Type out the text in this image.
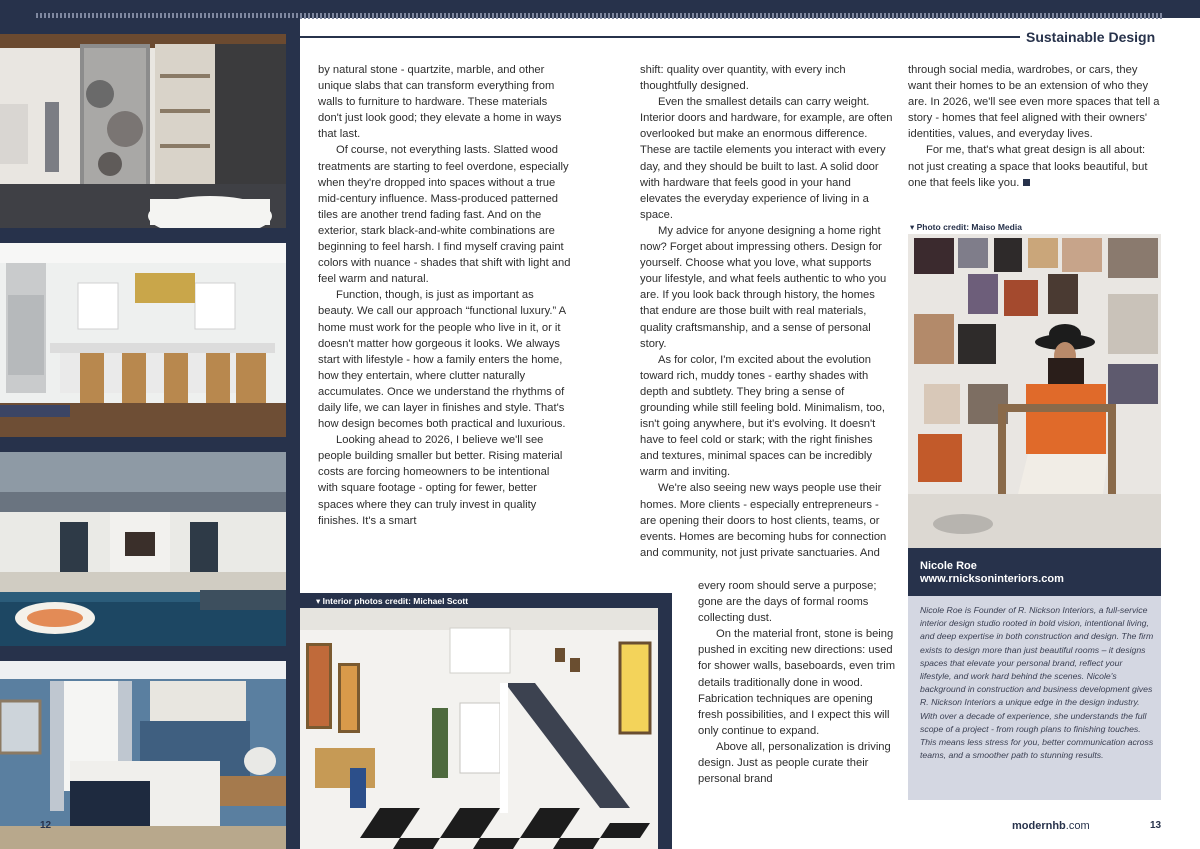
12
Sustainable Design

by natural stone - quartzite, marble, and other unique slabs that can transform everything from walls to furniture to hardware. These materials don't just look good; they elevate a home in ways that last.

Of course, not everything lasts. Slatted wood treatments are starting to feel overdone, especially when they're dropped into spaces without a true mid-century influence. Mass-produced patterned tiles are another trend fading fast. And on the exterior, stark black-and-white combinations are beginning to feel harsh. I find myself craving paint colors with nuance - shades that shift with light and feel warm and natural.

Function, though, is just as important as beauty. We call our approach “functional luxury.” A home must work for the people who live in it, or it doesn't matter how gorgeous it looks. We always start with lifestyle - how a family enters the home, how they entertain, where clutter naturally accumulates. Once we understand the rhythms of daily life, we can layer in finishes and style. That's how design becomes both practical and luxurious.

Looking ahead to 2026, I believe we'll see people building smaller but better. Rising material costs are forcing homeowners to be intentional with square footage - opting for fewer, better spaces where they can truly invest in quality finishes. It's a smart

shift: quality over quantity, with every inch thoughtfully designed.

Even the smallest details can carry weight. Interior doors and hardware, for example, are often overlooked but make an enormous difference. These are tactile elements you interact with every day, and they should be built to last. A solid door with hardware that feels good in your hand elevates the everyday experience of living in a space.

My advice for anyone designing a home right now? Forget about impressing others. Design for yourself. Choose what you love, what supports your lifestyle, and what feels authentic to who you are. If you look back through history, the homes that endure are those built with real materials, quality craftsmanship, and a sense of personal story.

As for color, I'm excited about the evolution toward rich, muddy tones - earthy shades with depth and subtlety. They bring a sense of grounding while still feeling bold. Minimalism, too, isn't going anywhere, but it's evolving. It doesn't have to feel cold or stark; with the right finishes and textures, minimal spaces can be incredibly warm and inviting.

We're also seeing new ways people use their homes. More clients - especially entrepreneurs - are opening their doors to host clients, teams, or events. Homes are becoming hubs for connection and community, not just private sanctuaries. And

every room should serve a purpose; gone are the days of formal rooms collecting dust.

On the material front, stone is being pushed in exciting new directions: used for shower walls, baseboards, even trim details traditionally done in wood. Fabrication techniques are opening fresh possibilities, and I expect this will only continue to expand.

Above all, personalization is driving design. Just as people curate their personal brand

through social media, wardrobes, or cars, they want their homes to be an extension of who they are. In 2026, we'll see even more spaces that tell a story - homes that feel aligned with their owners' identities, values, and everyday lives.

For me, that's what great design is all about: not just creating a space that looks beautiful, but one that feels like you.

▾ Interior photos credit: Michael Scott
▾ Photo credit: Maiso Media
Nicole Roe
www.rnicksoninteriors.com
Nicole Roe is Founder of R. Nickson Interiors, a full-service interior design studio rooted in bold vision, intentional living, and deep expertise in both construction and design. The firm exists to design more than just beautiful rooms – it designs spaces that elevate your personal brand, reflect your lifestyle, and work hard behind the scenes. Nicole's background in construction and business development gives R. Nickson Interiors a unique edge in the design industry. With over a decade of experience, she understands the full scope of a project - from rough plans to finishing touches. This means less stress for you, better communication across teams, and a smoother path to stunning results.
modernhb.com	13
